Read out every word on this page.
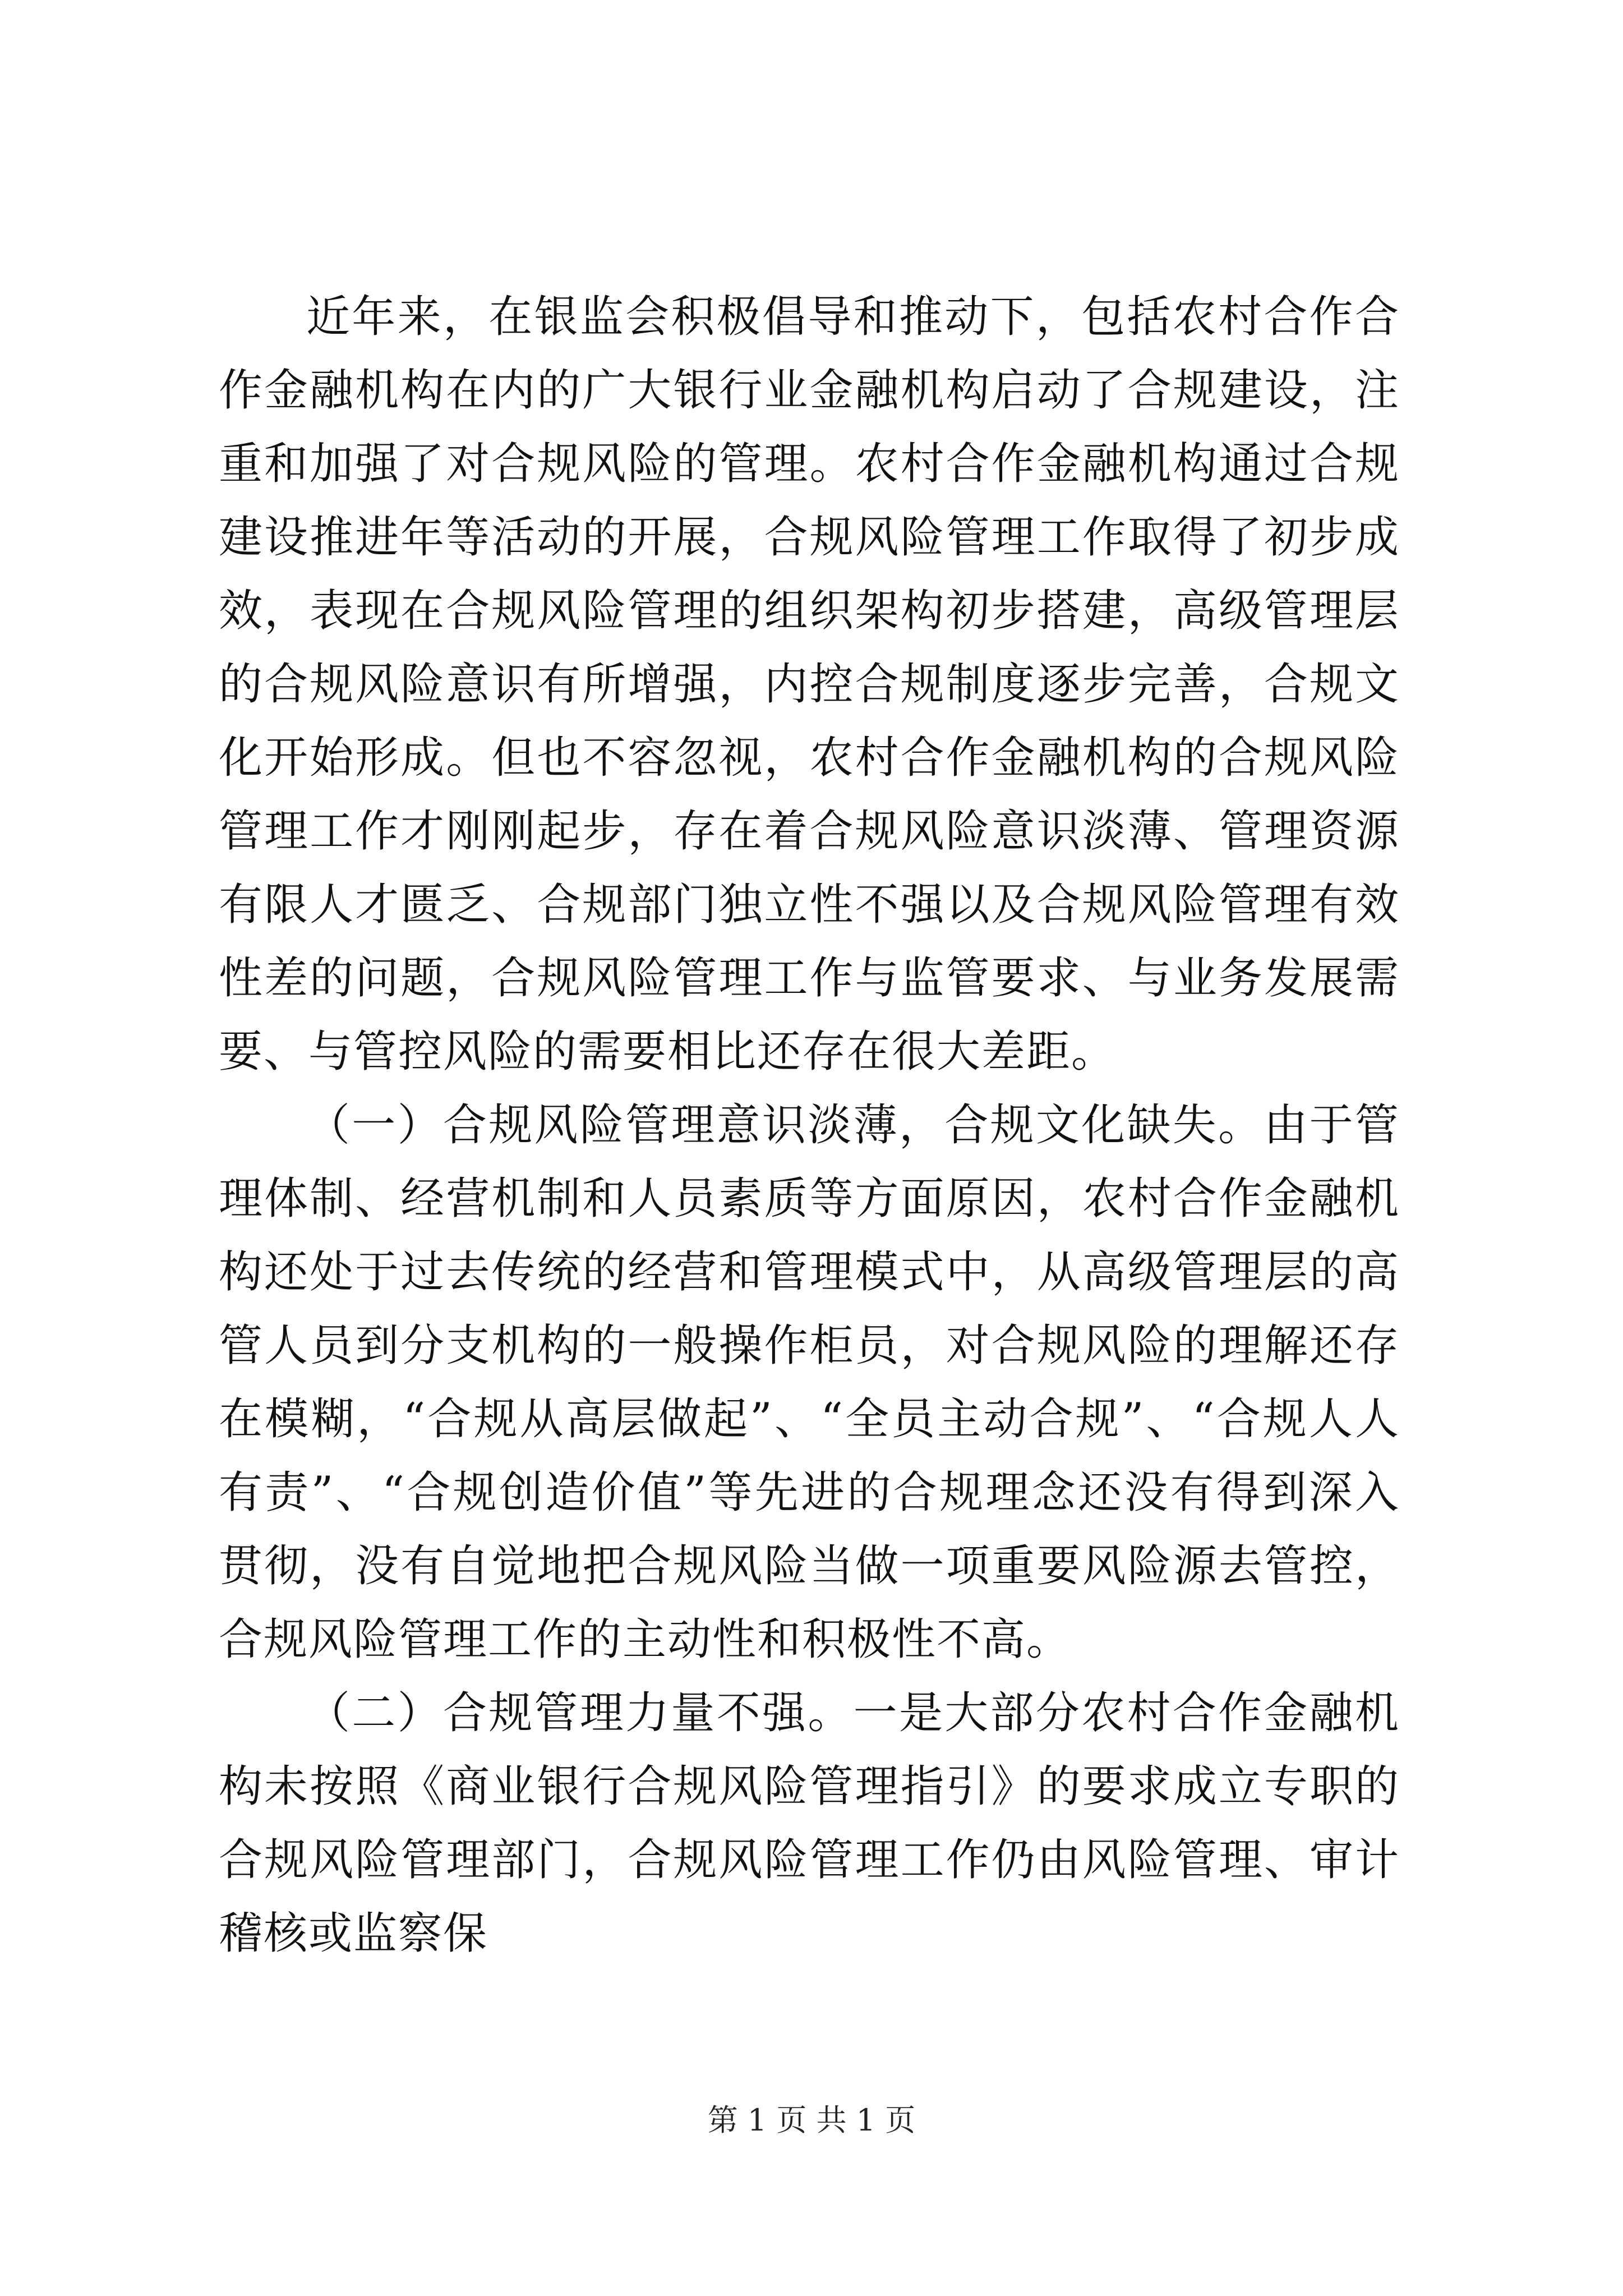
近年来，在银监会积极倡导和推动下，包括农村合作合作金融机构在内的广大银行业金融机构启动了合规建设，注重和加强了对合规风险的管理。农村合作金融机构通过合规建设推进年等活动的开展，合规风险管理工作取得了初步成效，表现在合规风险管理的组织架构初步搭建，高级管理层的合规风险意识有所增强，内控合规制度逐步完善，合规文化开始形成。但也不容忽视，农村合作金融机构的合规风险管理工作才刚刚起步，存在着合规风险意识淡薄、管理资源有限人才匮乏、合规部门独立性不强以及合规风险管理有效性差的问题，合规风险管理工作与监管要求、与业务发展需要、与管控风险的需要相比还存在很大差距。

（一）合规风险管理意识淡薄，合规文化缺失。由于管理体制、经营机制和人员素质等方面原因，农村合作金融机构还处于过去传统的经营和管理模式中，从高级管理层的高管人员到分支机构的一般操作柜员，对合规风险的理解还存在模糊，“合规从高层做起”、“全员主动合规”、“合规人人有责”、“合规创造价值”等先进的合规理念还没有得到深入贯彻，没有自觉地把合规风险当做一项重要风险源去管控，合规风险管理工作的主动性和积极性不高。

（二）合规管理力量不强。一是大部分农村合作金融机构未按照《商业银行合规风险管理指引》的要求成立专职的合规风险管理部门，合规风险管理工作仍由风险管理、审计稽核或监察保

第 1 页 共 1 页
